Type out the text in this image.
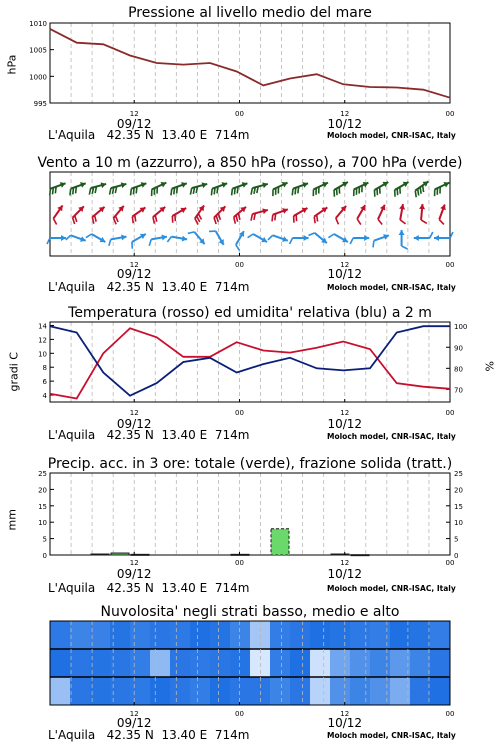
Pressione al livello medio del mare
995
1000
1005
1010
12	00	12	00
09/12	10/12
hPa
L'Aquila   42.35 N  13.40 E  714m	Moloch model, CNR-ISAC, Italy
Vento a 10 m (azzurro), a 850 hPa (rosso), a 700 hPa (verde)
12	00	12	00
09/12	10/12
L'Aquila   42.35 N  13.40 E  714m	Moloch model, CNR-ISAC, Italy
Temperatura (rosso) ed umidita' relativa (blu) a 2 m
4
6
8
10
12
14
70
80
90
100
12	00	12	00
09/12	10/12
gradi C	%
L'Aquila   42.35 N  13.40 E  714m	Moloch model, CNR-ISAC, Italy
Precip. acc. in 3 ore: totale (verde), frazione solida (tratt.)
0	0
5	5
10	10
15	15
20	20
25	25
12	00	12	00
09/12	10/12
mm
L'Aquila   42.35 N  13.40 E  714m	Moloch model, CNR-ISAC, Italy
Nuvolosita' negli strati basso, medio e alto
12	00	12	00
09/12	10/12
L'Aquila   42.35 N  13.40 E  714m	Moloch model, CNR-ISAC, Italy
